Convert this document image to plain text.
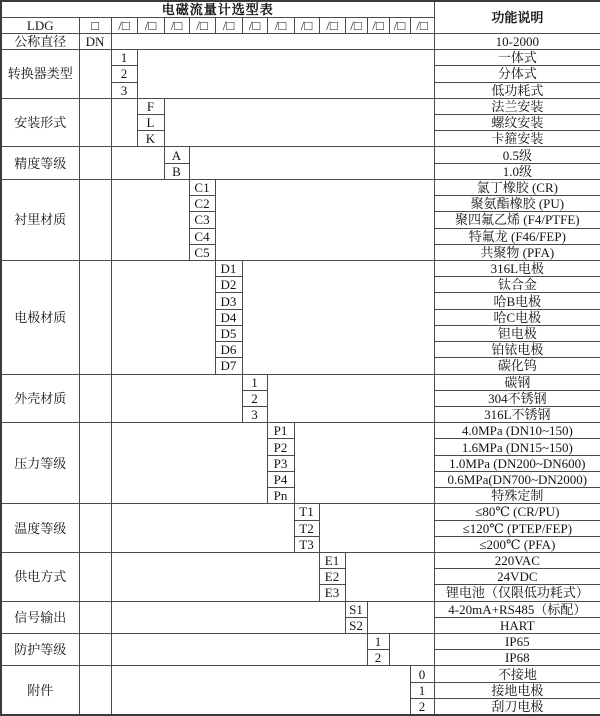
电磁流量计选型表															功能说明
LDG	□	/□	/□	/□	/□	/□	/□	/□	/□	/□	/□	/□	/□	/□	
公称直径	DN														10-2000
转换器类型		1													一体式
		2													分体式
		3													低功耗式
安装形式			F												法兰安装
			L												螺纹安装
			K												卡箍安装
精度等级				A											0.5级
				B											1.0级
衬里材质					C1										氯丁橡胶 (CR)
					C2										聚氨酯橡胶 (PU)
					C3										聚四氟乙烯 (F4/PTFE)
					C4										特氟龙 (F46/FEP)
					C5										共聚物 (PFA)
电极材质						D1									316L电极
						D2									钛合金
						D3									哈B电极
						D4									哈C电极
						D5									钽电极
						D6									铂铱电极
						D7									碳化钨
外壳材质							1								碳钢
							2								304不锈钢
							3								316L不锈钢
压力等级								P1							4.0MPa (DN10~150)
								P2							1.6MPa (DN15~150)
								P3							1.0MPa (DN200~DN600)
								P4							0.6MPa(DN700~DN2000)
								Pn							特殊定制
温度等级									T1						≤80℃ (CR/PU)
									T2						≤120℃ (PTEP/FEP)
									T3						≤200℃ (PFA)
供电方式										E1					220VAC
										E2					24VDC
										E3					锂电池（仅限低功耗式）
信号输出											S1				4-20mA+RS485（标配）
											S2				HART
防护等级												1			IP65
												2			IP68
附件														0	不接地
														1	接地电极
														2	刮刀电极
